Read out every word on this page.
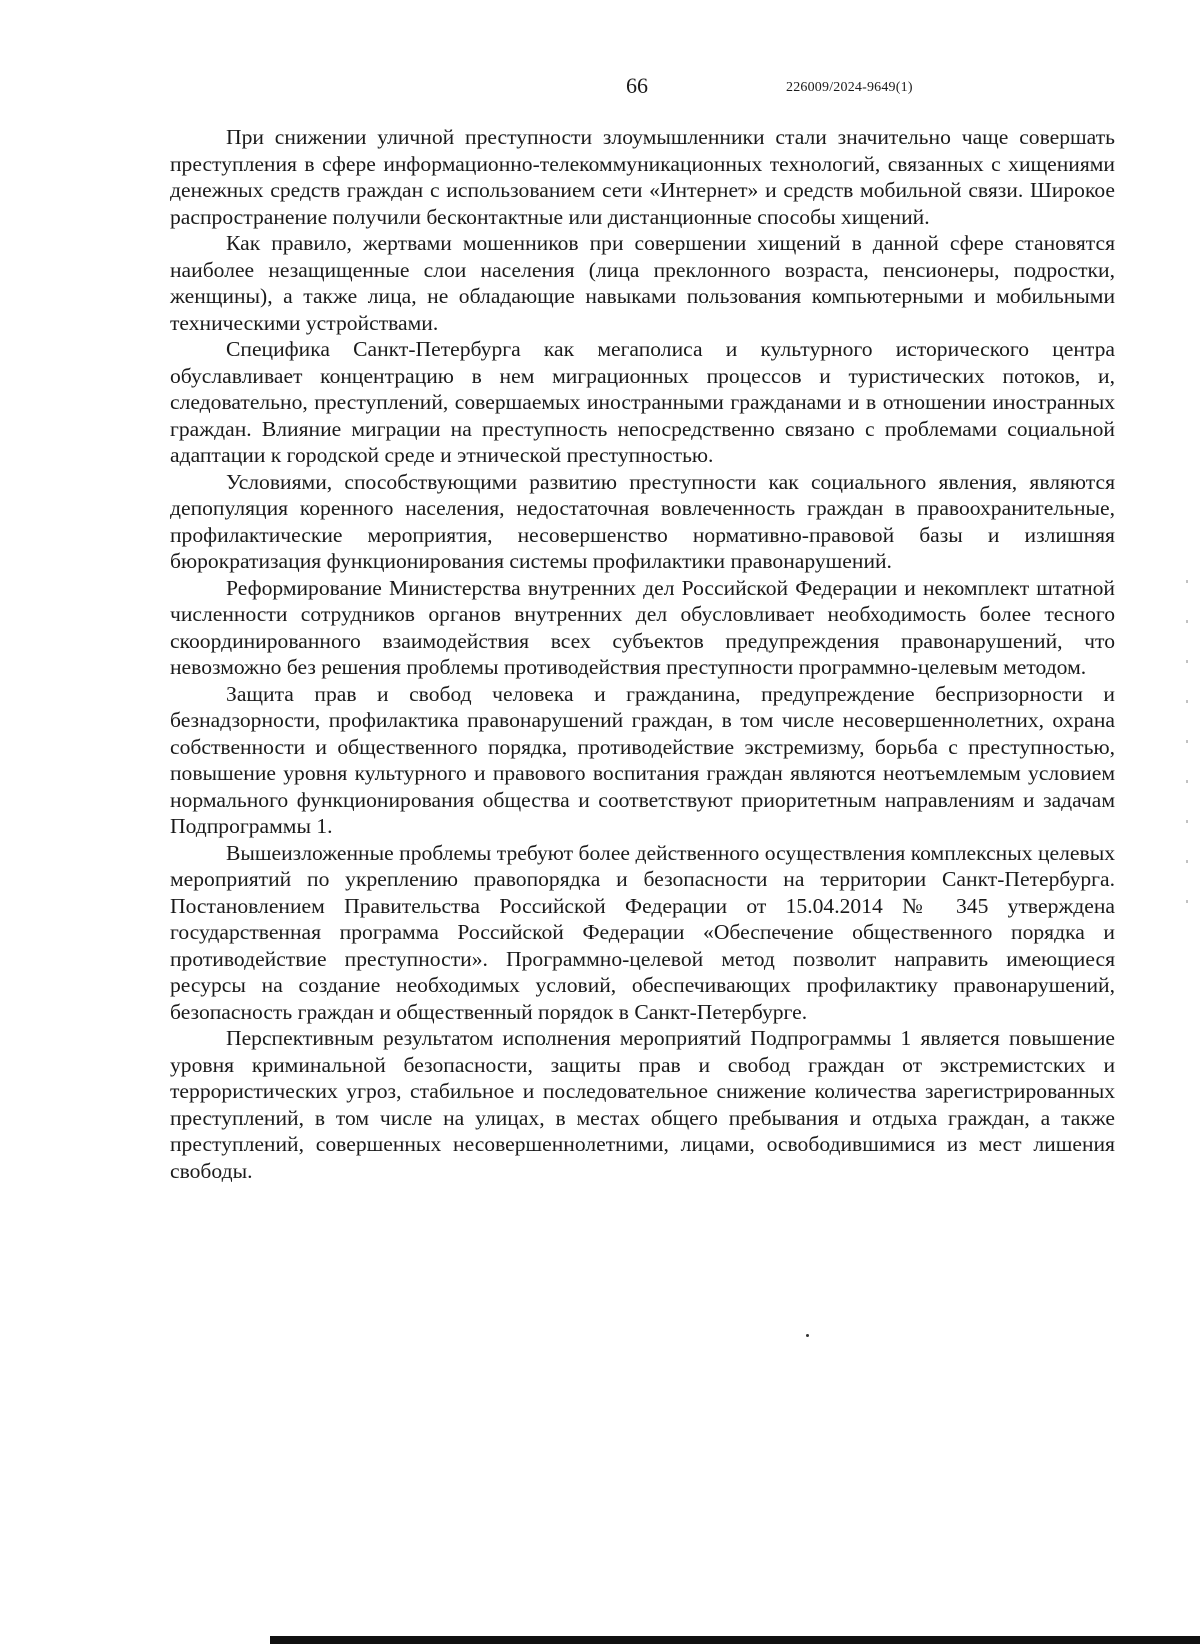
66	226009/2024-9649(1)

При снижении уличной преступности злоумышленники стали значительно чаще совершать преступления в сфере информационно-телекоммуникационных технологий, связанных с хищениями денежных средств граждан с использованием сети «Интернет» и средств мобильной связи. Широкое распространение получили бесконтактные или дистанционные способы хищений.

Как правило, жертвами мошенников при совершении хищений в данной сфере становятся наиболее незащищенные слои населения (лица преклонного возраста, пенсионеры, подростки, женщины), а также лица, не обладающие навыками пользования компьютерными и мобильными техническими устройствами.

Специфика Санкт-Петербурга как мегаполиса и культурного исторического центра обуславливает концентрацию в нем миграционных процессов и туристических потоков, и, следовательно, преступлений, совершаемых иностранными гражданами и в отношении иностранных граждан. Влияние миграции на преступность непосредственно связано с проблемами социальной адаптации к городской среде и этнической преступностью.

Условиями, способствующими развитию преступности как социального явления, являются депопуляция коренного населения, недостаточная вовлеченность граждан в правоохранительные, профилактические мероприятия, несовершенство нормативно-правовой базы и излишняя бюрократизация функционирования системы профилактики правонарушений.

Реформирование Министерства внутренних дел Российской Федерации и некомплект штатной численности сотрудников органов внутренних дел обусловливает необходимость более тесного скоординированного взаимодействия всех субъектов предупреждения правонарушений, что невозможно без решения проблемы противодействия преступности программно-целевым методом.

Защита прав и свобод человека и гражданина, предупреждение беспризорности и безнадзорности, профилактика правонарушений граждан, в том числе несовершеннолетних, охрана собственности и общественного порядка, противодействие экстремизму, борьба с преступностью, повышение уровня культурного и правового воспитания граждан являются неотъемлемым условием нормального функционирования общества и соответствуют приоритетным направлениям и задачам Подпрограммы 1.

Вышеизложенные проблемы требуют более действенного осуществления комплексных целевых мероприятий по укреплению правопорядка и безопасности на территории Санкт-Петербурга. Постановлением Правительства Российской Федерации от 15.04.2014 № 345 утверждена государственная программа Российской Федерации «Обеспечение общественного порядка и противодействие преступности». Программно-целевой метод позволит направить имеющиеся ресурсы на создание необходимых условий, обеспечивающих профилактику правонарушений, безопасность граждан и общественный порядок в Санкт-Петербурге.

Перспективным результатом исполнения мероприятий Подпрограммы 1 является повышение уровня криминальной безопасности, защиты прав и свобод граждан от экстремистских и террористических угроз, стабильное и последовательное снижение количества зарегистрированных преступлений, в том числе на улицах, в местах общего пребывания и отдыха граждан, а также преступлений, совершенных несовершеннолетними, лицами, освободившимися из мест лишения свободы.
